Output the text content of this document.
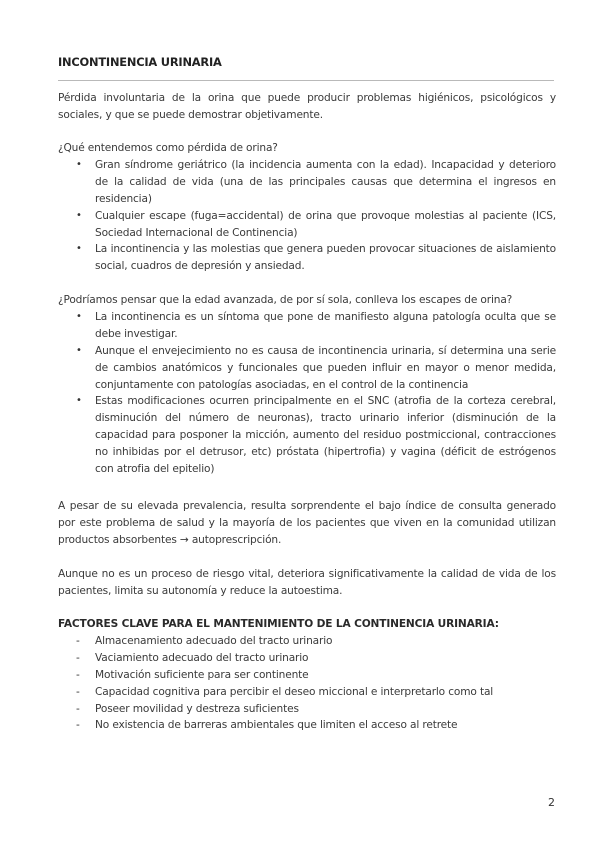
INCONTINENCIA URINARIA
Pérdida involuntaria de la orina que puede producir problemas higiénicos, psicológicos y sociales, y que se puede demostrar objetivamente.
¿Qué entendemos como pérdida de orina?
• Gran síndrome geriátrico (la incidencia aumenta con la edad). Incapacidad y deterioro de la calidad de vida (una de las principales causas que determina el ingresos en residencia)
• Cualquier escape (fuga=accidental) de orina que provoque molestias al paciente (ICS, Sociedad Internacional de Continencia)
• La incontinencia y las molestias que genera pueden provocar situaciones de aislamiento social, cuadros de depresión y ansiedad.
¿Podríamos pensar que la edad avanzada, de por sí sola, conlleva los escapes de orina?
• La incontinencia es un síntoma que pone de manifiesto alguna patología oculta que se debe investigar.
• Aunque el envejecimiento no es causa de incontinencia urinaria, sí determina una serie de cambios anatómicos y funcionales que pueden influir en mayor o menor medida, conjuntamente con patologías asociadas, en el control de la continencia
• Estas modificaciones ocurren principalmente en el SNC (atrofia de la corteza cerebral, disminución del número de neuronas), tracto urinario inferior (disminución de la capacidad para posponer la micción, aumento del residuo postmiccional, contracciones no inhibidas por el detrusor, etc) próstata (hipertrofia) y vagina (déficit de estrógenos con atrofia del epitelio)
A pesar de su elevada prevalencia, resulta sorprendente el bajo índice de consulta generado por este problema de salud y la mayoría de los pacientes que viven en la comunidad utilizan productos absorbentes → autoprescripción.
Aunque no es un proceso de riesgo vital, deteriora significativamente la calidad de vida de los pacientes, limita su autonomía y reduce la autoestima.
FACTORES CLAVE PARA EL MANTENIMIENTO DE LA CONTINENCIA URINARIA:
- Almacenamiento adecuado del tracto urinario
- Vaciamiento adecuado del tracto urinario
- Motivación suficiente para ser continente
- Capacidad cognitiva para percibir el deseo miccional e interpretarlo como tal
- Poseer movilidad y destreza suficientes
- No existencia de barreras ambientales que limiten el acceso al retrete
2
